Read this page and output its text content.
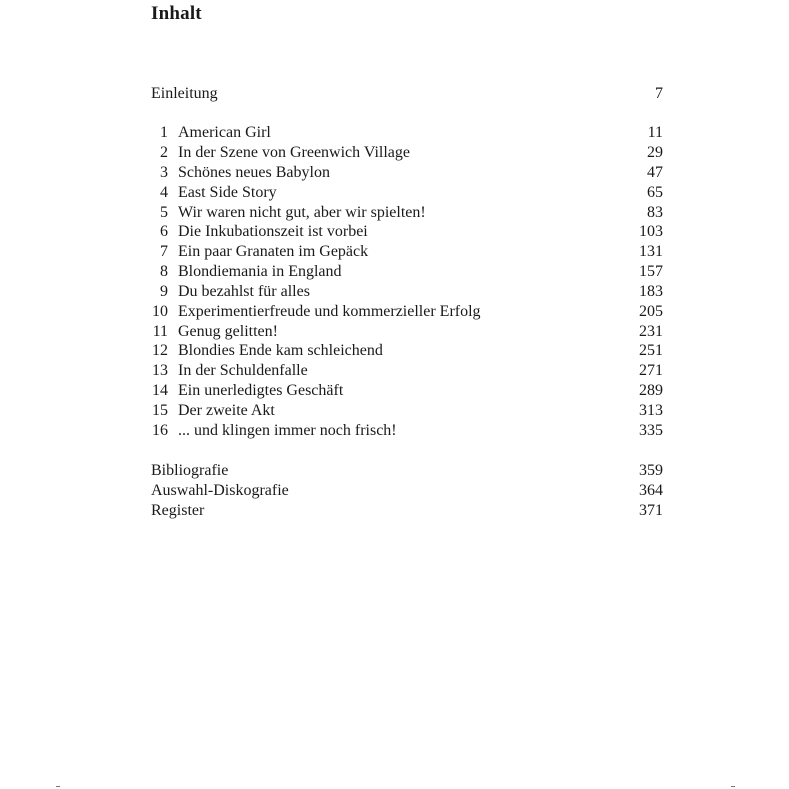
Inhalt
Einleitung	7
1 American Girl	11
2 In der Szene von Greenwich Village	29
3 Schönes neues Babylon	47
4 East Side Story	65
5 Wir waren nicht gut, aber wir spielten!	83
6 Die Inkubationszeit ist vorbei	103
7 Ein paar Granaten im Gepäck	131
8 Blondiemania in England	157
9 Du bezahlst für alles	183
10 Experimentierfreude und kommerzieller Erfolg	205
11 Genug gelitten!	231
12 Blondies Ende kam schleichend	251
13 In der Schuldenfalle	271
14 Ein unerledigtes Geschäft	289
15 Der zweite Akt	313
16 ... und klingen immer noch frisch!	335
Bibliografie	359
Auswahl-Diskografie	364
Register	371
